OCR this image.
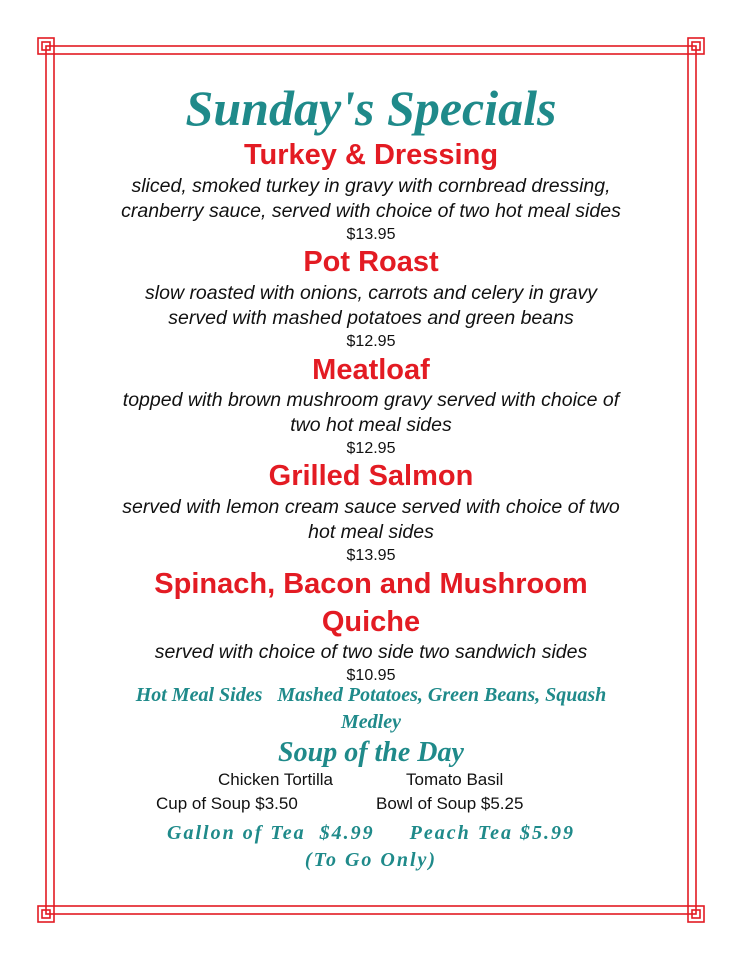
Sunday's Specials
Turkey & Dressing
sliced, smoked turkey in gravy with cornbread dressing,
cranberry sauce, served with choice of two hot meal sides
$13.95
Pot Roast
slow roasted with onions, carrots and celery in gravy
served with mashed potatoes and green beans
$12.95
Meatloaf
topped with brown mushroom gravy served with choice of
two hot meal sides
$12.95
Grilled Salmon
served with lemon cream sauce served with choice of two
hot meal sides
$13.95
Spinach, Bacon and Mushroom
Quiche
served with choice of two side two sandwich sides
$10.95
Hot Meal Sides   Mashed Potatoes, Green Beans, Squash
Medley
Soup of the Day
Chicken Tortilla	Tomato Basil
Cup of Soup $3.50	Bowl of Soup $5.25
Gallon of Tea  $4.99     Peach Tea $5.99
(To Go Only)
